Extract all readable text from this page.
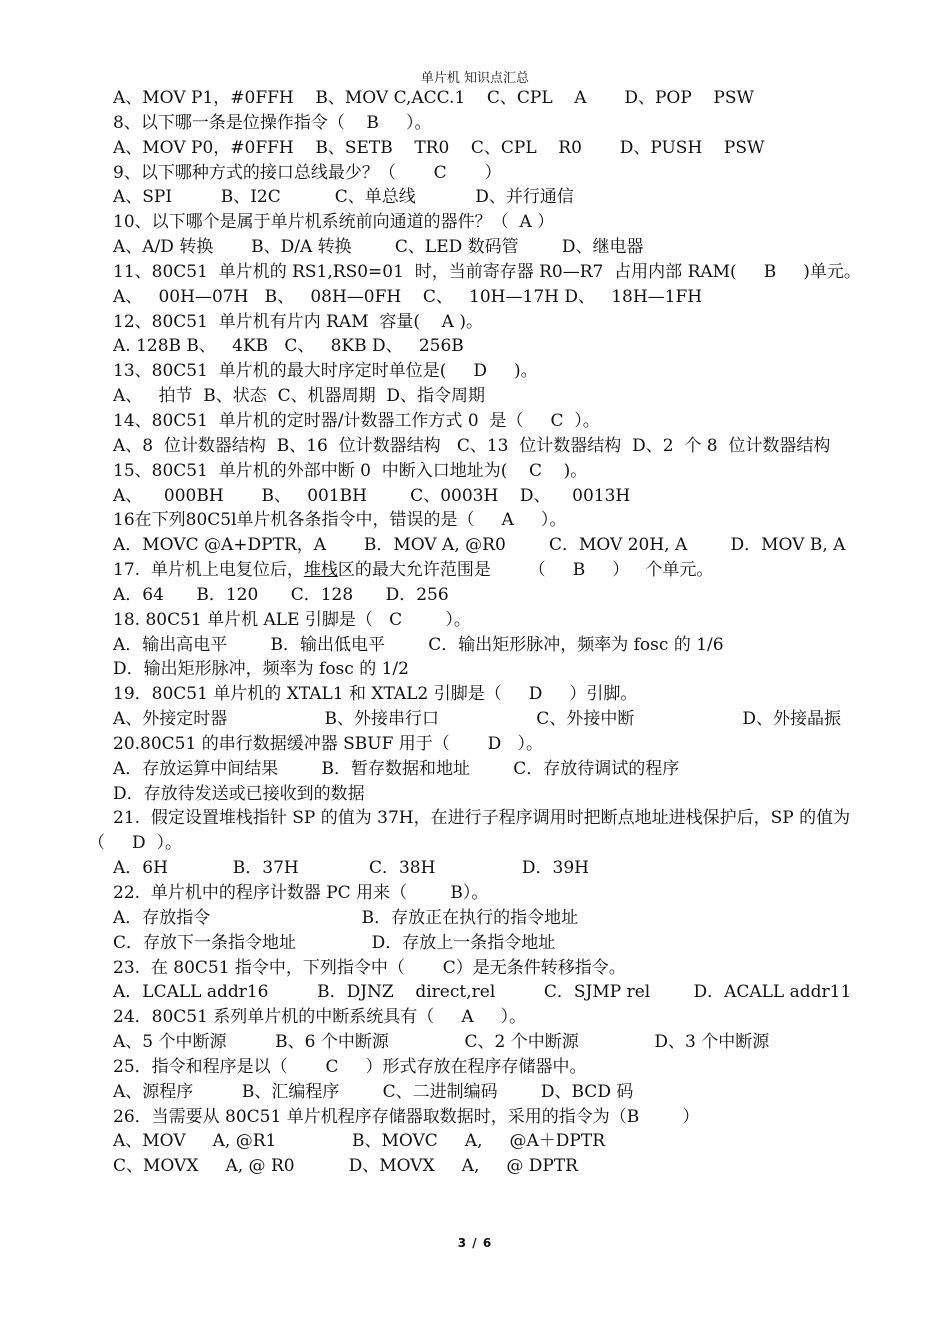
单片机 知识点汇总
A、MOV P1，#0FFH    B、MOV C,ACC.1    C、CPL    A       D、POP    PSW
8、以下哪一条是位操作指令（    B     ）。
A、MOV P0，#0FFH    B、SETB    TR0    C、CPL    R0       D、PUSH    PSW
9、以下哪种方式的接口总线最少？（       C       ）
A、SPI         B、I2C          C、单总线           D、并行通信
10、以下哪个是属于单片机系统前向通道的器件？（  A ）
A、A/D 转换       B、D/A 转换        C、LED 数码管        D、继电器
11、80C51  单片机的 RS1,RS0=01  时，当前寄存器 R0—R7  占用内部 RAM(     B     )单元。
A、   00H—07H   B、   08H—0FH    C、   10H—17H D、   18H—1FH
12、80C51  单片机有片内 RAM  容量(    A )。
A. 128B B、   4KB   C、   8KB D、   256B
13、80C51  单片机的最大时序定时单位是(     D     )。
A、   拍节  B、状态  C、机器周期  D、指令周期
14、80C51  单片机的定时器/计数器工作方式 0  是（     C  ）。
A、8  位计数器结构  B、16  位计数器结构   C、13  位计数器结构  D、2  个 8  位计数器结构
15、80C51  单片机的外部中断 0  中断入口地址为(    C    )。
A、    000BH       B、   001BH        C、0003H    D、    0013H
16在下列80C5l单片机各条指令中，错误的是（     A     ）。
A．MOVC @A+DPTR，A       B．MOV A, @R0        C．MOV 20H, A        D．MOV B, A
17.  单片机上电复位后，堆栈区的最大允许范围是       （     B     ）   个单元。
A．64      B．120      C．128      D．256
18. 80C51 单片机 ALE 引脚是（   C        ）。
A．输出高电平        B．输出低电平        C．输出矩形脉冲，频率为 fosc 的 1/6
D．输出矩形脉冲，频率为 fosc 的 1/2
19．80C51 单片机的 XTAL1 和 XTAL2 引脚是（     D     ）引脚。
A、外接定时器                  B、外接串行口                  C、外接中断                    D、外接晶振
20.80C51 的串行数据缓冲器 SBUF 用于（       D   ）。
A．存放运算中间结果        B．暂存数据和地址        C．存放待调试的程序
D．存放待发送或已接收到的数据
21.  假定设置堆栈指针 SP 的值为 37H，在进行子程序调用时把断点地址进栈保护后，SP 的值为
（     D  ）。
A．6H            B．37H             C．38H                D．39H
22.  单片机中的程序计数器 PC 用来（        B）。
A．存放指令                            B．存放正在执行的指令地址
C．存放下一条指令地址              D．存放上一条指令地址
23.  在 80C51 指令中，下列指令中（       C）是无条件转移指令。
A．LCALL addr16         B．DJNZ    direct,rel         C．SJMP rel        D．ACALL addr11
24．80C51 系列单片机的中断系统具有（     A     ）。
A、5 个中断源         B、6 个中断源              C、2 个中断源              D、3 个中断源
25．指令和程序是以（       C     ）形式存放在程序存储器中。
A、源程序         B、汇编程序        C、二进制编码        D、BCD 码
26．当需要从 80C51 单片机程序存储器取数据时，采用的指令为（B        ）
A、MOV     A, @R1              B、MOVC     A,     @A＋DPTR
C、MOVX     A, @ R0          D、MOVX     A,     @ DPTR
3 / 6
